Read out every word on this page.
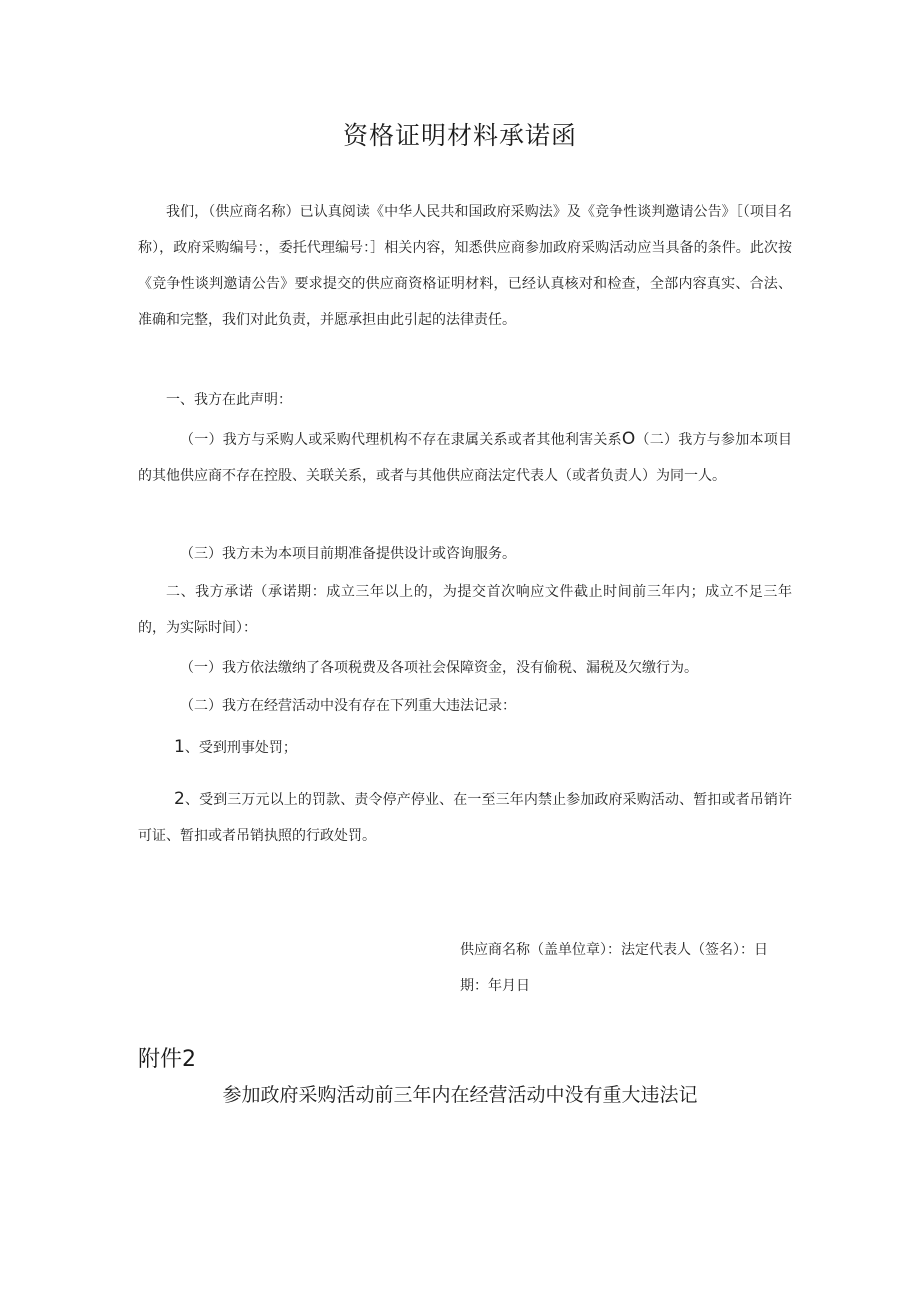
资格证明材料承诺函

我们，（供应商名称）已认真阅读《中华人民共和国政府采购法》及《竞争性谈判邀请公告》［（项目名称），政府采购编号：，委托代理编号：］相关内容，知悉供应商参加政府采购活动应当具备的条件。此次按《竞争性谈判邀请公告》要求提交的供应商资格证明材料，已经认真核对和检查，全部内容真实、合法、准确和完整，我们对此负责，并愿承担由此引起的法律责任。

一、我方在此声明：

（一）我方与采购人或采购代理机构不存在隶属关系或者其他利害关系O（二）我方与参加本项目的其他供应商不存在控股、关联关系，或者与其他供应商法定代表人（或者负责人）为同一人。

（三）我方未为本项目前期准备提供设计或咨询服务。

二、我方承诺（承诺期：成立三年以上的，为提交首次响应文件截止时间前三年内；成立不足三年的，为实际时间）：

（一）我方依法缴纳了各项税费及各项社会保障资金，没有偷税、漏税及欠缴行为。

（二）我方在经营活动中没有存在下列重大违法记录：

1、受到刑事处罚；

2、受到三万元以上的罚款、责令停产停业、在一至三年内禁止参加政府采购活动、暂扣或者吊销许可证、暂扣或者吊销执照的行政处罚。

供应商名称（盖单位章）：法定代表人（签名）：日期：年月日

附件2
参加政府采购活动前三年内在经营活动中没有重大违法记
